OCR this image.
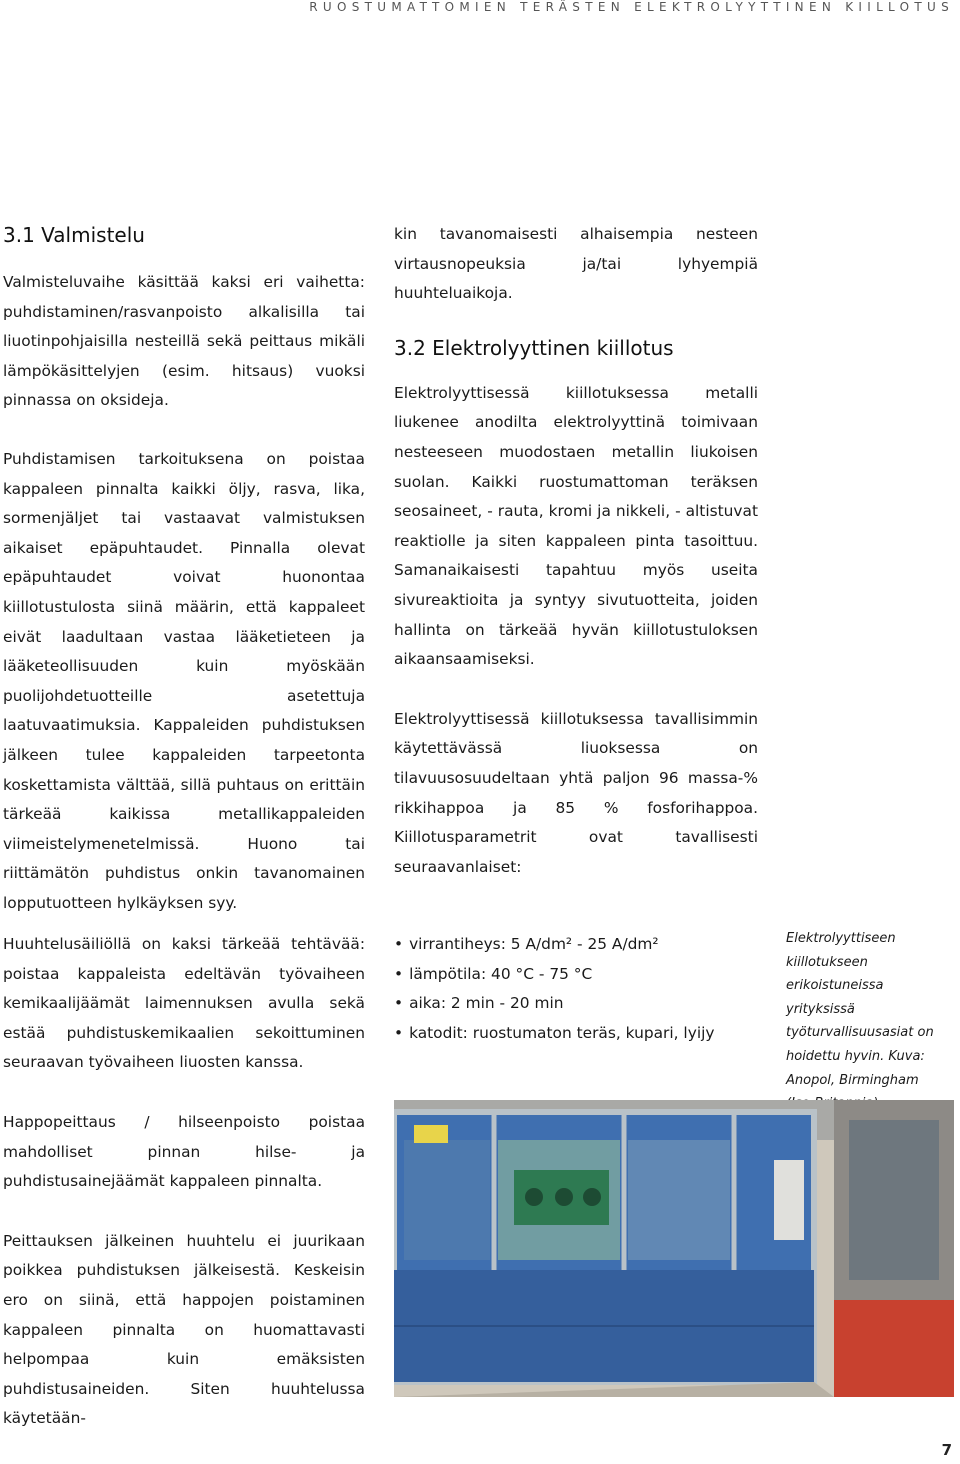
RUOSTUMATTOMIEN TERÄSTEN ELEKTROLYYTTINEN KIILLOTUS
3.1 Valmistelu

Valmisteluvaihe käsittää kaksi eri vaihetta: puhdistaminen/rasvanpoisto alkalisilla tai liuotinpohjaisilla nesteillä sekä peittaus mikäli lämpökäsittelyjen (esim. hitsaus) vuoksi pinnassa on oksideja.

Puhdistamisen tarkoituksena on poistaa kappaleen pinnalta kaikki öljy, rasva, lika, sormenjäljet tai vastaavat valmistuksen aikaiset epäpuhtaudet. Pinnalla olevat epäpuhtaudet voivat huonontaa kiillotustulosta siinä määrin, että kappaleet eivät laadultaan vastaa lääketieteen ja lääketeollisuuden kuin myöskään puolijohdetuotteille asetettuja laatuvaatimuksia. Kappaleiden puhdistuksen jälkeen tulee kappaleiden tarpeetonta koskettamista välttää, sillä puhtaus on erittäin tärkeää kaikissa metallikappaleiden viimeistelymenetelmissä. Huono tai riittämätön puhdistus onkin tavanomainen lopputuotteen hylkäyksen syy.

Huuhtelusäiliöllä on kaksi tärkeää tehtävää: poistaa kappaleista edeltävän työvaiheen kemikaalijäämät laimennuksen avulla sekä estää puhdistuskemikaalien sekoittuminen seuraavan työvaiheen liuosten kanssa.

Happopeittaus / hilseenpoisto poistaa mahdolliset pinnan hilse- ja puhdistusainejäämät kappaleen pinnalta.

Peittauksen jälkeinen huuhtelu ei juurikaan poikkea puhdistuksen jälkeisestä. Keskeisin ero on siinä, että happojen poistaminen kappaleen pinnalta on huomattavasti helpompaa kuin emäksisten puhdistusaineiden. Siten huuhtelussa käytetään-

kin tavanomaisesti alhaisempia nesteen virtausnopeuksia ja/tai lyhyempiä huuhteluaikoja.

3.2 Elektrolyyttinen kiillotus

Elektrolyyttisessä kiillotuksessa metalli liukenee anodilta elektrolyyttinä toimivaan nesteeseen muodostaen metallin liukoisen suolan. Kaikki ruostumattoman teräksen seosaineet, - rauta, kromi ja nikkeli, - altistuvat reaktiolle ja siten kappaleen pinta tasoittuu. Samanaikaisesti tapahtuu myös useita sivureaktioita ja syntyy sivutuotteita, joiden hallinta on tärkeää hyvän kiillotustuloksen aikaansaamiseksi.

Elektrolyyttisessä kiillotuksessa tavallisimmin käytettävässä liuoksessa on tilavuusosuudeltaan yhtä paljon 96 massa-% rikkihappoa ja 85 % fosforihappoa. Kiillotusparametrit ovat tavallisesti seuraavanlaiset:

• virrantiheys: 5 A/dm² - 25 A/dm²
• lämpötila: 40 °C - 75 °C
• aika: 2 min - 20 min
• katodit: ruostumaton teräs, kupari, lyijy
Elektrolyyttiseen kiillotukseen erikoistuneissa yrityksissä työturvallisuusasiat on hoidettu hyvin. Kuva: Anopol, Birmingham
7
